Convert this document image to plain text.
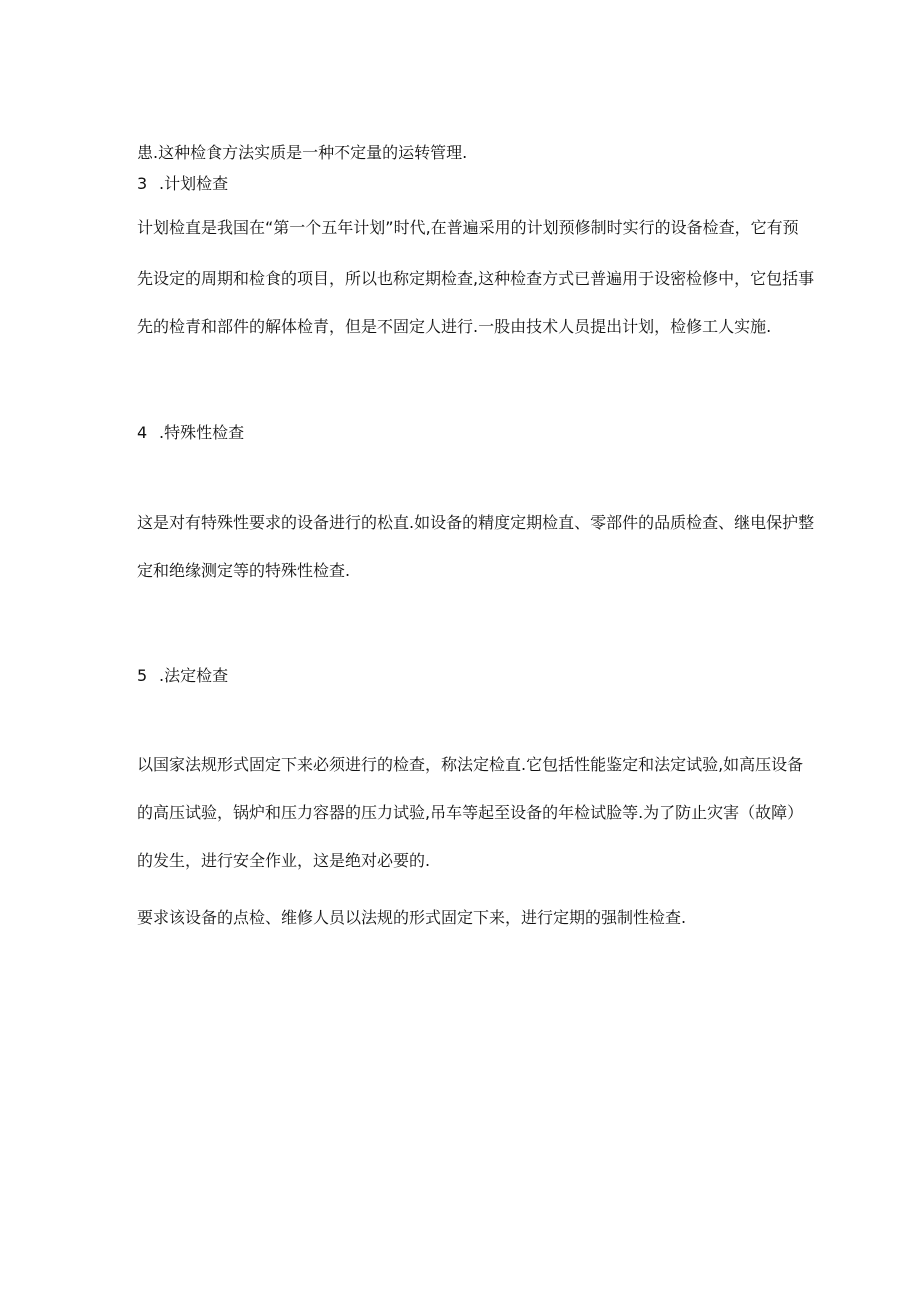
患.这种检食方法实质是一种不定量的运转管理.
3 .计划检查
计划检直是我国在“第一个五年计划”时代,在普遍采用的计划预修制时实行的设备检查，它有预
先设定的周期和检食的项目，所以也称定期检查,这种检查方式已普遍用于设密检修中，它包括事
先的检青和部件的解体检青，但是不固定人进行.一股由技术人员提出计划，检修工人实施.
4 .特殊性检查
这是对有特殊性要求的设备进行的松直.如设备的精度定期检直、零部件的品质检查、继电保护整
定和绝缘测定等的特殊性检查.
5 .法定检查
以国家法规形式固定下来必须进行的检查，称法定检直.它包括性能鉴定和法定试验,如高压设备
的高压试验，锅炉和压力容器的压力试验,吊车等起至设备的年检试脸等.为了防止灾害（故障）
的发生，进行安全作业，这是绝对必要的.
要求该设备的点检、维修人员以法规的形式固定下来，进行定期的强制性检查.
